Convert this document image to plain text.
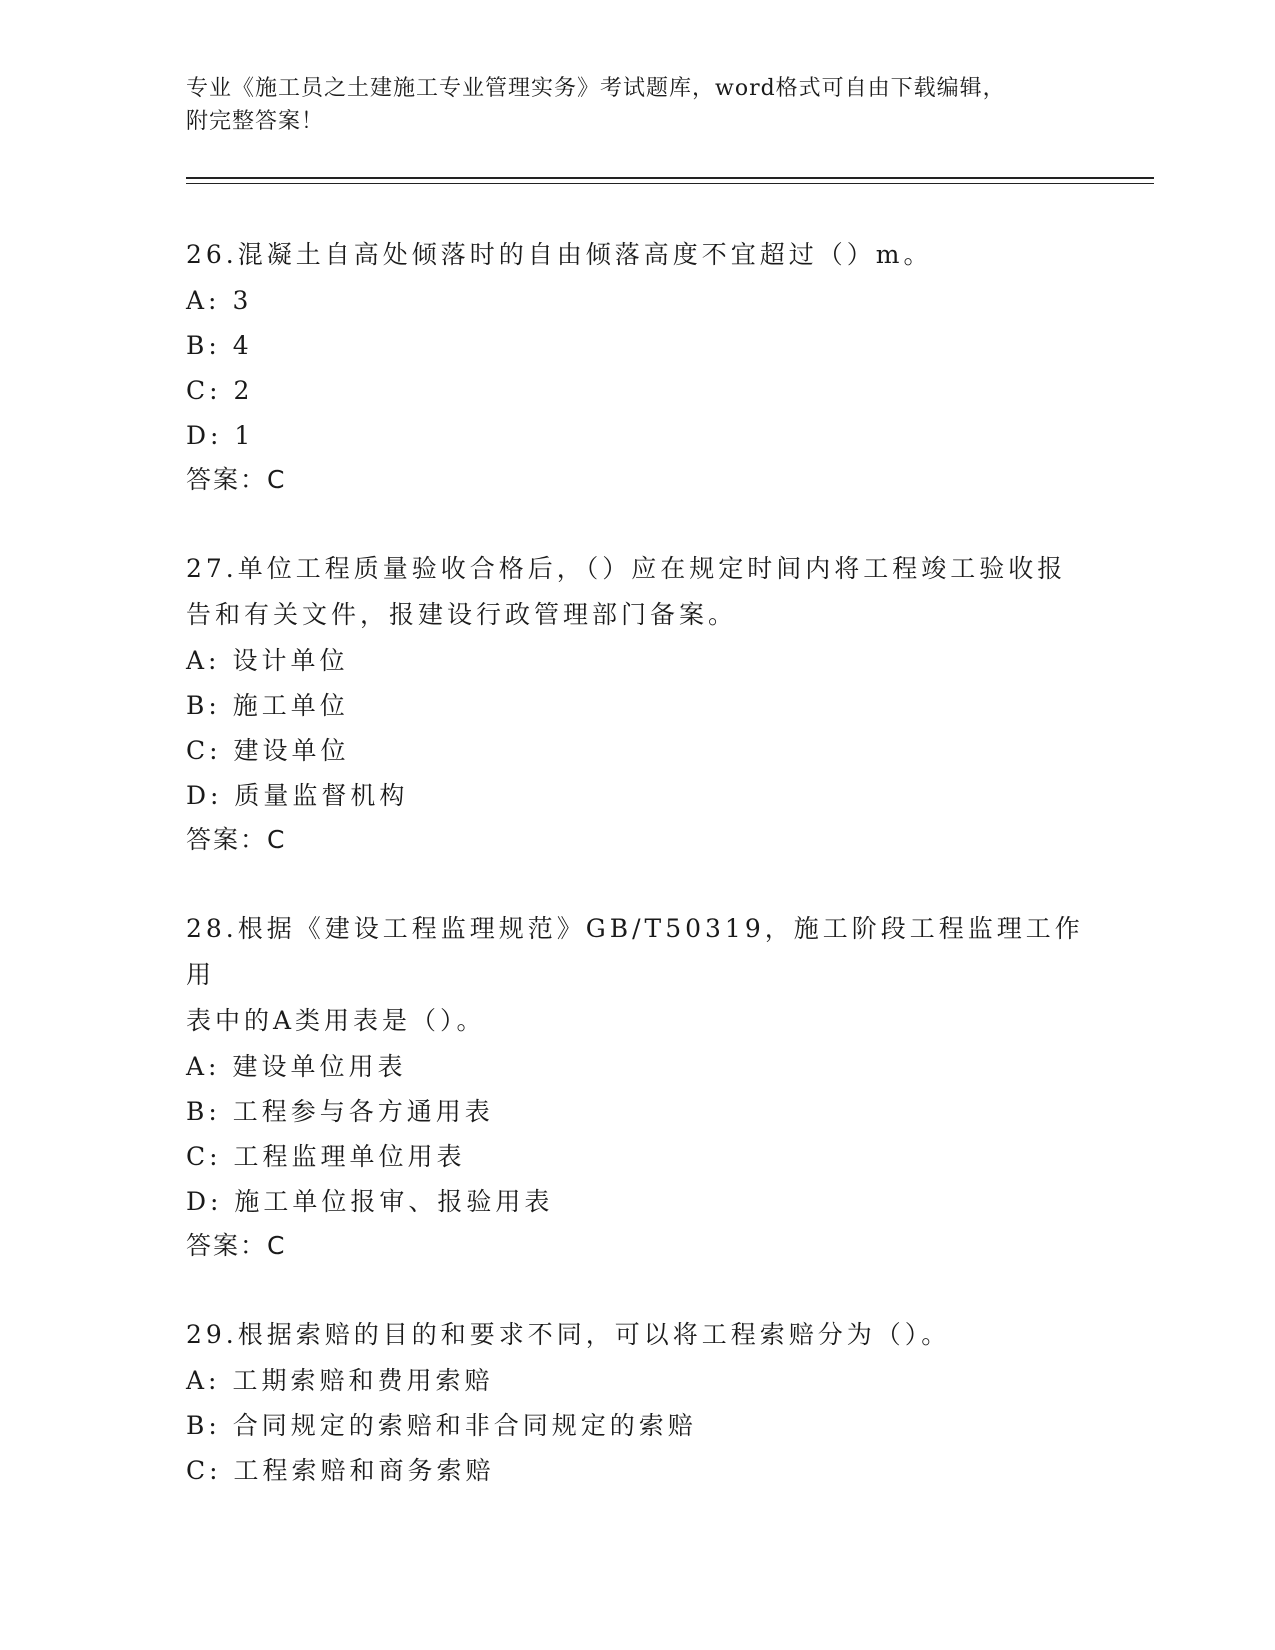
专业《施工员之土建施工专业管理实务》考试题库，word格式可自由下载编辑，
附完整答案！

26.混凝土自高处倾落时的自由倾落高度不宜超过（）m。

A: 3

B: 4

C: 2

D: 1

答案：C

27.单位工程质量验收合格后，（）应在规定时间内将工程竣工验收报

告和有关文件，报建设行政管理部门备案。

A: 设计单位

B: 施工单位

C: 建设单位

D: 质量监督机构

答案：C

28.根据《建设工程监理规范》GB/T50319，施工阶段工程监理工作用

表中的A类用表是（）。

A: 建设单位用表

B: 工程参与各方通用表

C: 工程监理单位用表

D: 施工单位报审、报验用表

答案：C

29.根据索赔的目的和要求不同，可以将工程索赔分为（）。

A: 工期索赔和费用索赔

B: 合同规定的索赔和非合同规定的索赔

C: 工程索赔和商务索赔
